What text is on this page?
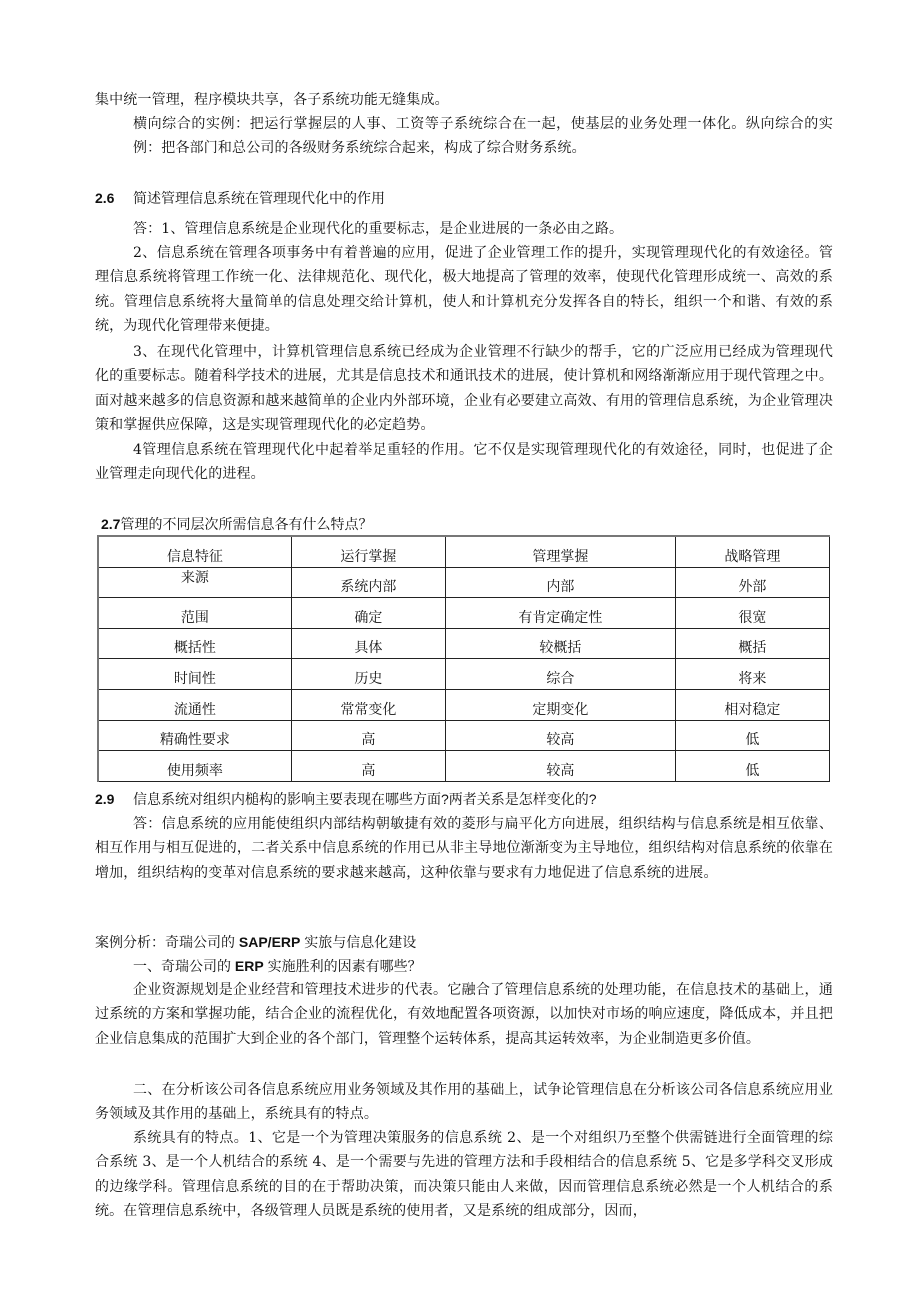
集中统一管理，程序模块共享，各子系统功能无缝集成。
横向综合的实例：把运行掌握层的人事、工资等子系统综合在一起，使基层的业务处理一体化。纵向综合的实例：把各部门和总公司的各级财务系统综合起来，构成了综合财务系统。
2.6 简述管理信息系统在管理现代化中的作用
答：1、管理信息系统是企业现代化的重要标志，是企业进展的一条必由之路。
2、信息系统在管理各项事务中有着普遍的应用，促进了企业管理工作的提升，实现管理现代化的有效途径。管理信息系统将管理工作统一化、法律规范化、现代化，极大地提高了管理的效率，使现代化管理形成统一、高效的系统。管理信息系统将大量简单的信息处理交给计算机，使人和计算机充分发挥各自的特长，组织一个和谐、有效的系统，为现代化管理带来便捷。
3、在现代化管理中，计算机管理信息系统已经成为企业管理不行缺少的帮手，它的广泛应用已经成为管理现代化的重要标志。随着科学技术的进展，尤其是信息技术和通讯技术的进展，使计算机和网络渐渐应用于现代管理之中。面对越来越多的信息资源和越来越简单的企业内外部环境，企业有必要建立高效、有用的管理信息系统，为企业管理决策和掌握供应保障，这是实现管理现代化的必定趋势。
4管理信息系统在管理现代化中起着举足重轻的作用。它不仅是实现管理现代化的有效途径，同时，也促进了企业管理走向现代化的进程。
2.7管理的不同层次所需信息各有什么特点？
信息特征	运行掌握	管理掌握	战略管理
来源	系统内部	内部	外部
范围	确定	有肯定确定性	很宽
概括性	具体	较概括	概括
时间性	历史	综合	将来
流通性	常常变化	定期变化	相对稳定
精确性要求	高	较高	低
使用频率	高	较高	低
2.9 信息系统对组织内槌构的影响主要表现在哪些方面?两者关系是怎样变化的?
答：信息系统的应用能使组织内部结构朝敏捷有效的菱形与扁平化方向进展，组织结构与信息系统是相互依靠、相互作用与相互促进的，二者关系中信息系统的作用已从非主导地位渐渐变为主导地位，组织结构对信息系统的依靠在增加，组织结构的变革对信息系统的要求越来越高，这种依靠与要求有力地促进了信息系统的进展。
案例分析：奇瑞公司的 SAP/ERP 实旅与信息化建设
一、奇瑞公司的 ERP 实施胜利的因素有哪些？
企业资源规划是企业经营和管理技术进步的代表。它融合了管理信息系统的处理功能，在信息技术的基础上，通过系统的方案和掌握功能，结合企业的流程优化，有效地配置各项资源，以加快对市场的响应速度，降低成本，并且把企业信息集成的范围扩大到企业的各个部门，管理整个运转体系，提高其运转效率，为企业制造更多价值。
二、在分析该公司各信息系统应用业务领域及其作用的基础上，试争论管理信息在分析该公司各信息系统应用业务领域及其作用的基础上，系统具有的特点。
系统具有的特点。1、它是一个为管理决策服务的信息系统 2、是一个对组织乃至整个供需链进行全面管理的综合系统 3、是一个人机结合的系统 4、是一个需要与先进的管理方法和手段相结合的信息系统 5、它是多学科交叉形成的边缘学科。管理信息系统的目的在于帮助决策，而决策只能由人来做，因而管理信息系统必然是一个人机结合的系统。在管理信息系统中，各级管理人员既是系统的使用者，又是系统的组成部分，因而，
